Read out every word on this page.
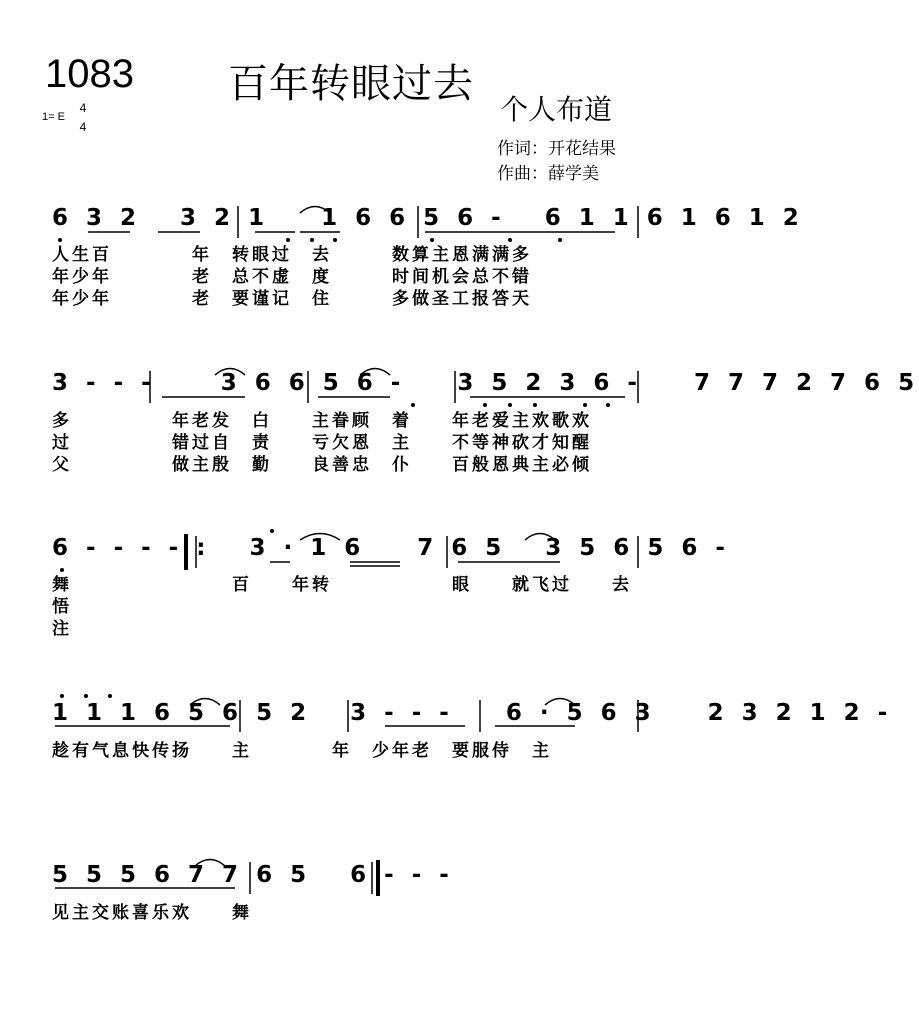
1083 百年转眼过去
个人布道
1= E
4
4
作词：开花结果
作曲：薛学美
6 3 2   3 2 1    1 6 6 5 6 -   6 1 1 6 1 6 1 2
人生百　　　　年　转眼过　去　　　数算主恩满满多
年少年　　　　老　总不虚　度　　　时间机会总不错
年少年　　　　老　要谨记　住　　　多做圣工报答天
3 - - -	3 6 6 5 6 - 3 5 2 3 6 - 7 7 7 2 7 6 5
多　　　　　年老发　白　　主眷顾　着　　年老爱主欢歌欢
过　　　　　错过自　责　　亏欠恩　主　　不等神砍才知醒
父　　　　　做主殷　勤　　良善忠　仆　　百般恩典主必倾
6 - - - - :   3 · 1 6    7 6 5   3 5 6 5 6 -
舞　　　　　　　　百　　年转　　　　　　眼　　就飞过　　去
悟
注
1 1 1 6 5 6 5 2 3 - - - 6 · 5 6 3 2 3 2 1 2 -
趁有气息快传扬　　主　　　　年　少年老　要服侍　主
5 5 5 6 7 7 6 5 6 - - -
见主交账喜乐欢　　舞
